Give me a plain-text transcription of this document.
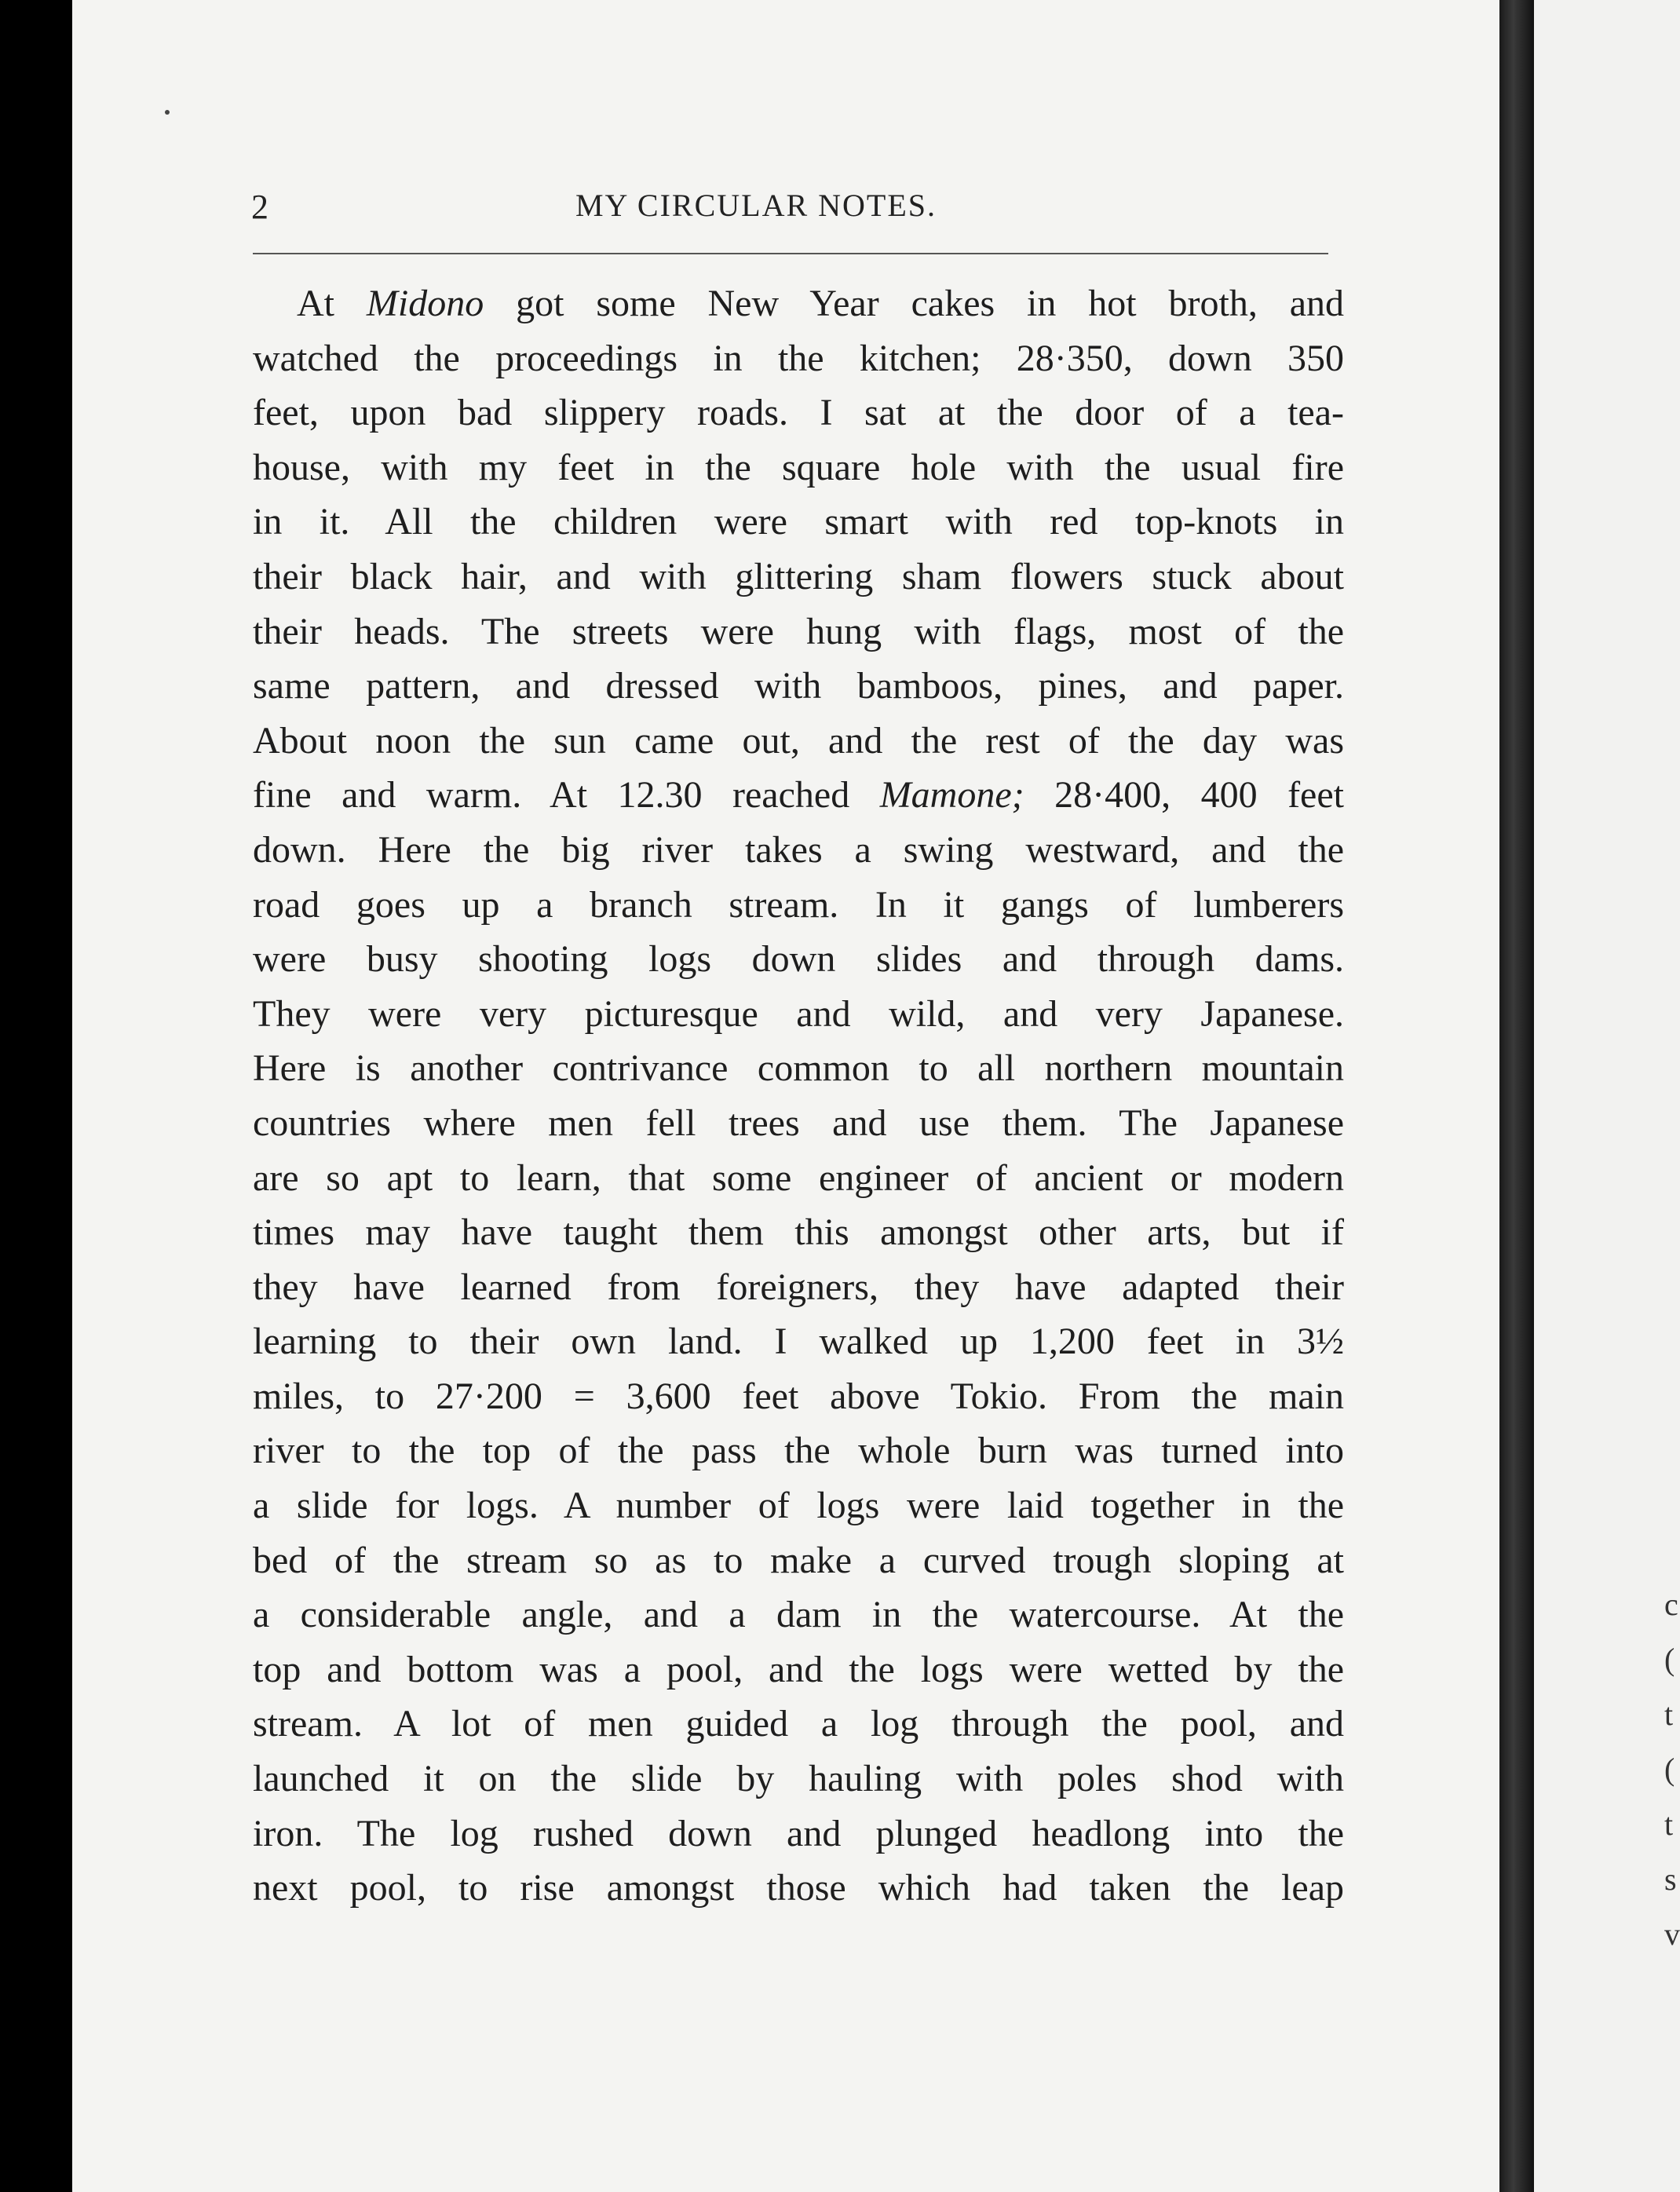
2	MY CIRCULAR NOTES.
At Midono got some New Year cakes in hot broth, and
watched the proceedings in the kitchen; 28·350, down 350
feet, upon bad slippery roads. I sat at the door of a tea-
house, with my feet in the square hole with the usual fire
in it. All the children were smart with red top-knots in
their black hair, and with glittering sham flowers stuck about
their heads. The streets were hung with flags, most of the
same pattern, and dressed with bamboos, pines, and paper.
About noon the sun came out, and the rest of the day was
fine and warm. At 12.30 reached Mamone; 28·400, 400 feet
down. Here the big river takes a swing westward, and the
road goes up a branch stream. In it gangs of lumberers
were busy shooting logs down slides and through dams.
They were very picturesque and wild, and very Japanese.
Here is another contrivance common to all northern mountain
countries where men fell trees and use them. The Japanese
are so apt to learn, that some engineer of ancient or modern
times may have taught them this amongst other arts, but if
they have learned from foreigners, they have adapted their
learning to their own land. I walked up 1,200 feet in 3½
miles, to 27·200 = 3,600 feet above Tokio. From the main
river to the top of the pass the whole burn was turned into
a slide for logs. A number of logs were laid together in the
bed of the stream so as to make a curved trough sloping at
a considerable angle, and a dam in the watercourse. At the
top and bottom was a pool, and the logs were wetted by the
stream. A lot of men guided a log through the pool, and
launched it on the slide by hauling with poles shod with
iron. The log rushed down and plunged headlong into the
next pool, to rise amongst those which had taken the leap
c
(
t
(
t
s
v
